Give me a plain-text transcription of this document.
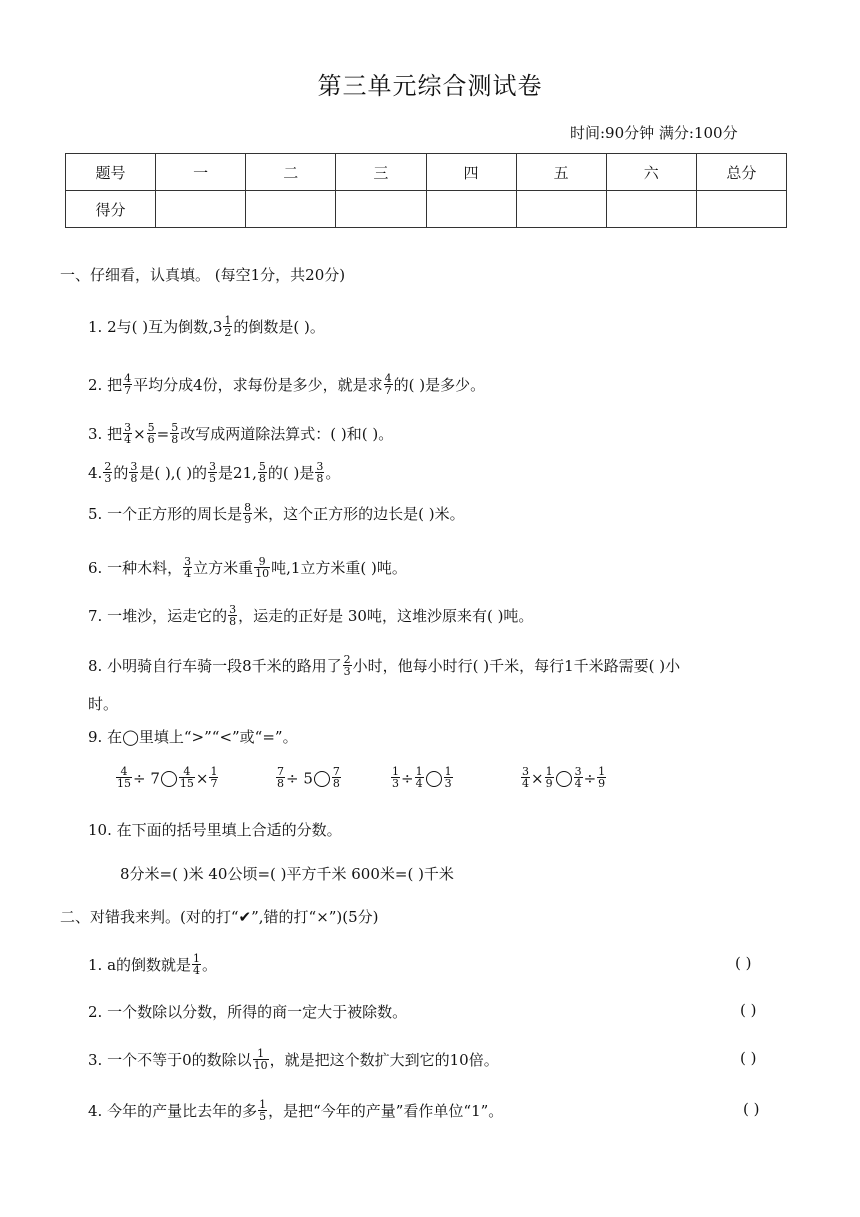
第三单元综合测试卷
时间:90分钟 满分:100分
题号	一	二	三	四	五	六	总分
得分							
一、仔细看，认真填。 (每空1分，共20分)
1. 2与( )互为倒数$,3 \frac{1}{2}$ 的倒数是( )。
2. 把 $\frac{4}{7}$ 平均分成4份，求每份是多少，就是求 $\frac{4}{7}$ 的( )是多少。
3. 把 $\frac{3}{4} \times \frac{5}{6} = \frac{5}{8}$ 改写成两道除法算式：( )和( )。
4. $\frac{2}{3}$ 的 $\frac{3}{8}$ 是( ),( )的 $\frac{3}{5}$ 是21, $\frac{5}{8}$ 的( )是 $\frac{3}{8}$ 。
5. 一个正方形的周长是 $\frac{8}{9}$ 米，这个正方形的边长是( )米。
6. 一种木料， $\frac{3}{4}$ 立方米重 $\frac{9}{10}$ 吨,1立方米重( )吨。
7. 一堆沙，运走它的 $\frac{3}{8}$ ，运走的正好是 30吨，这堆沙原来有( )吨。
8. 小明骑自行车骑一段8千米的路用了 $\frac{2}{3}$ 小时，他每小时行( )千米，每行1千米路需要( )小
时。
9. 在◯里填上“>”“<”或“=”。
$\frac{4}{15} \div 7 \frac{4}{15} \times \frac{1}{7}$	$\frac{7}{8} \div 5 \frac{7}{8}$	$\frac{1}{3} \div \frac{1}{4} \frac{1}{3}$	$\frac{3}{4} \times \frac{1}{9} \frac{3}{4} \div \frac{1}{9}$
10. 在下面的括号里填上合适的分数。
8分米=( )米 40公顷=( )平方千米 600米=( )千米
二、对错我来判。(对的打“✔”,错的打“×”)(5分)
1. a的倒数就是 $\frac{1}{4}$ 。	( )
2. 一个数除以分数，所得的商一定大于被除数。	( )
3. 一个不等于0的数除以 $\frac{1}{10}$ ，就是把这个数扩大到它的10倍。	( )
4. 今年的产量比去年的多 $\frac{1}{5}$ ，是把“今年的产量”看作单位“1”。	( )
